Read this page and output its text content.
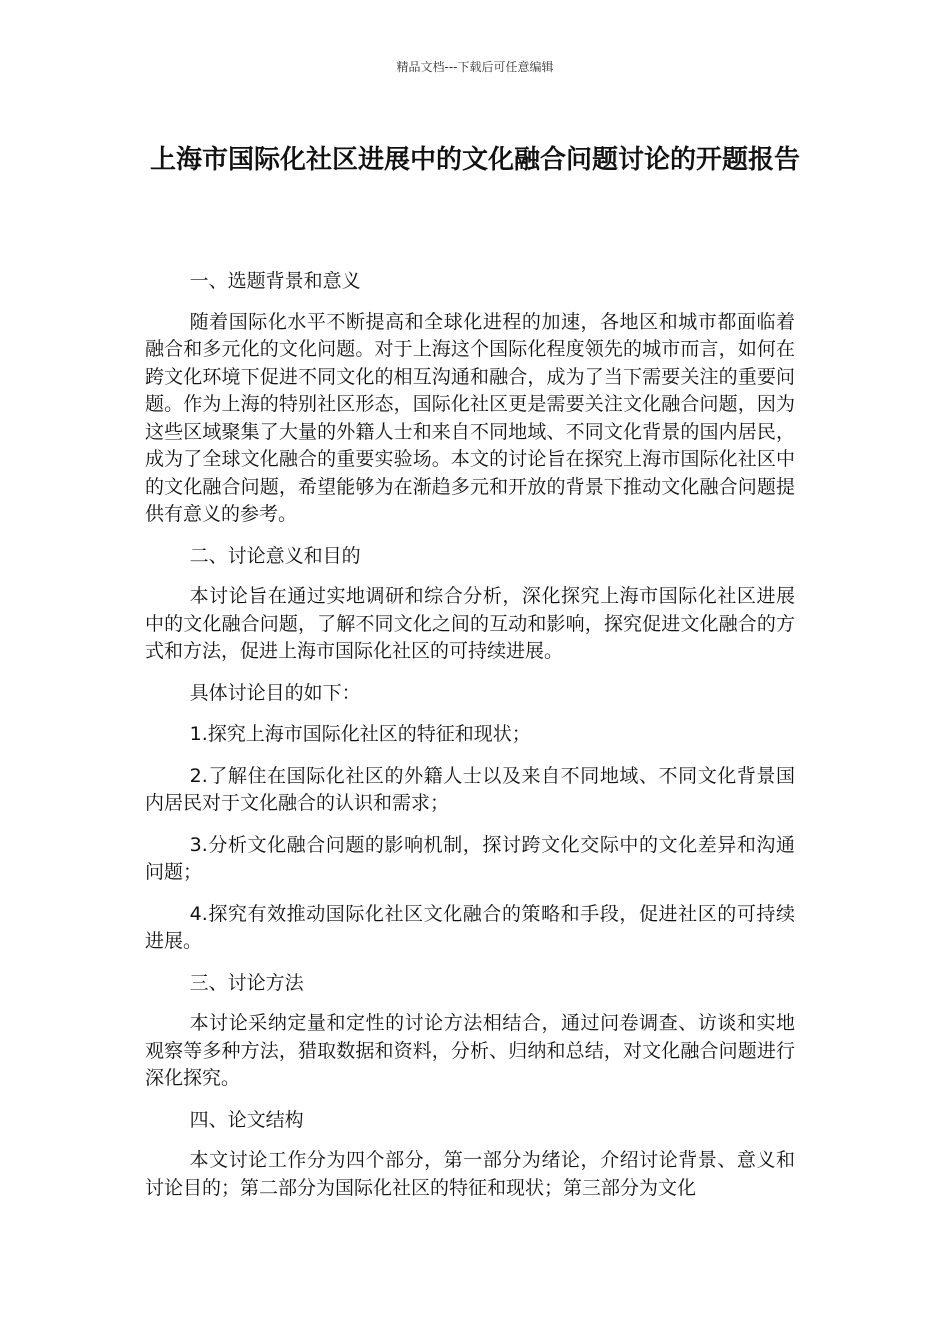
精品文档---下载后可任意编辑
上海市国际化社区进展中的文化融合问题讨论的开题报告

一、选题背景和意义

随着国际化水平不断提高和全球化进程的加速，各地区和城市都面临着融合和多元化的文化问题。对于上海这个国际化程度领先的城市而言，如何在跨文化环境下促进不同文化的相互沟通和融合，成为了当下需要关注的重要问题。作为上海的特别社区形态，国际化社区更是需要关注文化融合问题，因为这些区域聚集了大量的外籍人士和来自不同地域、不同文化背景的国内居民，成为了全球文化融合的重要实验场。本文的讨论旨在探究上海市国际化社区中的文化融合问题，希望能够为在渐趋多元和开放的背景下推动文化融合问题提供有意义的参考。

二、讨论意义和目的

本讨论旨在通过实地调研和综合分析，深化探究上海市国际化社区进展中的文化融合问题，了解不同文化之间的互动和影响，探究促进文化融合的方式和方法，促进上海市国际化社区的可持续进展。

具体讨论目的如下：

1.探究上海市国际化社区的特征和现状；

2.了解住在国际化社区的外籍人士以及来自不同地域、不同文化背景国内居民对于文化融合的认识和需求；

3.分析文化融合问题的影响机制，探讨跨文化交际中的文化差异和沟通问题；

4.探究有效推动国际化社区文化融合的策略和手段，促进社区的可持续进展。

三、讨论方法

本讨论采纳定量和定性的讨论方法相结合，通过问卷调查、访谈和实地观察等多种方法，猎取数据和资料，分析、归纳和总结，对文化融合问题进行深化探究。

四、论文结构

本文讨论工作分为四个部分，第一部分为绪论，介绍讨论背景、意义和讨论目的；第二部分为国际化社区的特征和现状；第三部分为文化
